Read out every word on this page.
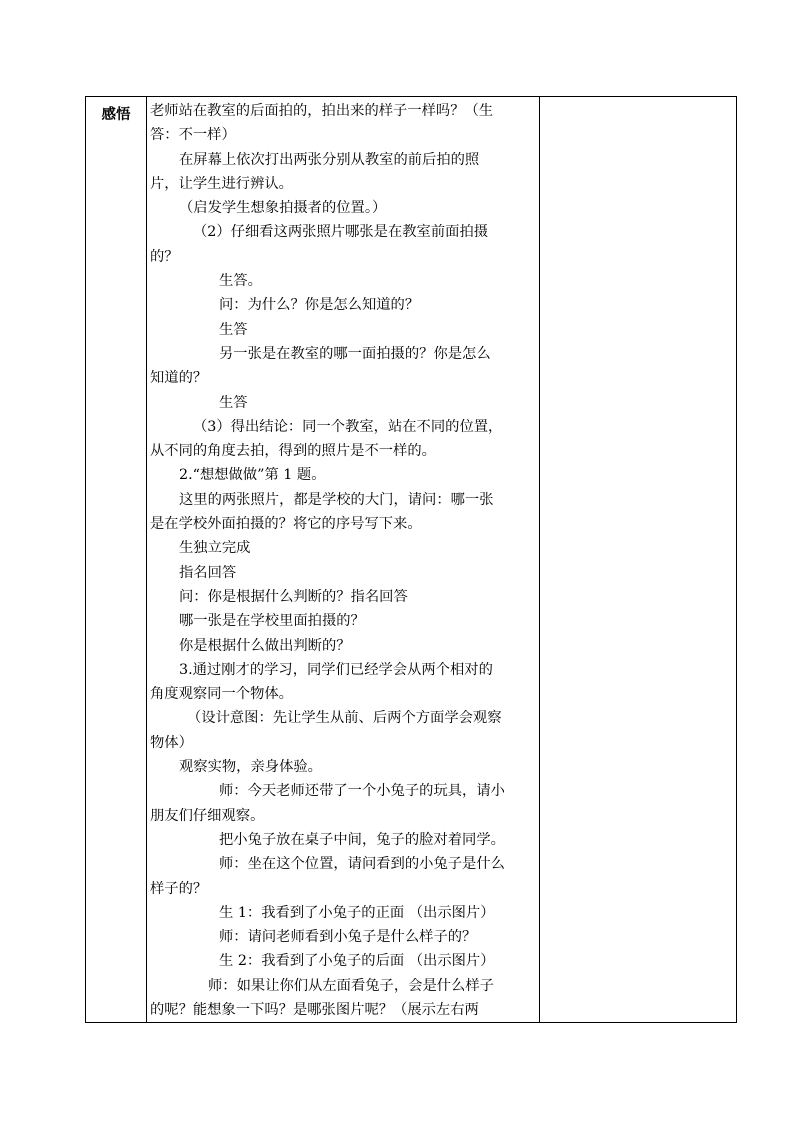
感悟	老师站在教室的后面拍的，拍出来的样子一样吗？（生
答：不一样）
在屏幕上依次打出两张分别从教室的前后拍的照
片，让学生进行辨认。
（启发学生想象拍摄者的位置。）
（2）仔细看这两张照片哪张是在教室前面拍摄
的？
生答。
问：为什么？你是怎么知道的？
生答
另一张是在教室的哪一面拍摄的？你是怎么
知道的？
生答
（3）得出结论：同一个教室，站在不同的位置，
从不同的角度去拍，得到的照片是不一样的。
2.“想想做做”第 1 题。
这里的两张照片，都是学校的大门，请问：哪一张
是在学校外面拍摄的？将它的序号写下来。
生独立完成
指名回答
问：你是根据什么判断的？指名回答
哪一张是在学校里面拍摄的？
你是根据什么做出判断的？
3.通过刚才的学习，同学们已经学会从两个相对的
角度观察同一个物体。
（设计意图：先让学生从前、后两个方面学会观察
物体）
观察实物，亲身体验。
师：今天老师还带了一个小兔子的玩具，请小
朋友们仔细观察。
把小兔子放在桌子中间，兔子的脸对着同学。
师：坐在这个位置，请问看到的小兔子是什么
样子的？
生 1：我看到了小兔子的正面 （出示图片）
师：请问老师看到小兔子是什么样子的？
生 2：我看到了小兔子的后面 （出示图片）
师：如果让你们从左面看兔子，会是什么样子
的呢？能想象一下吗？是哪张图片呢？（展示左右两
